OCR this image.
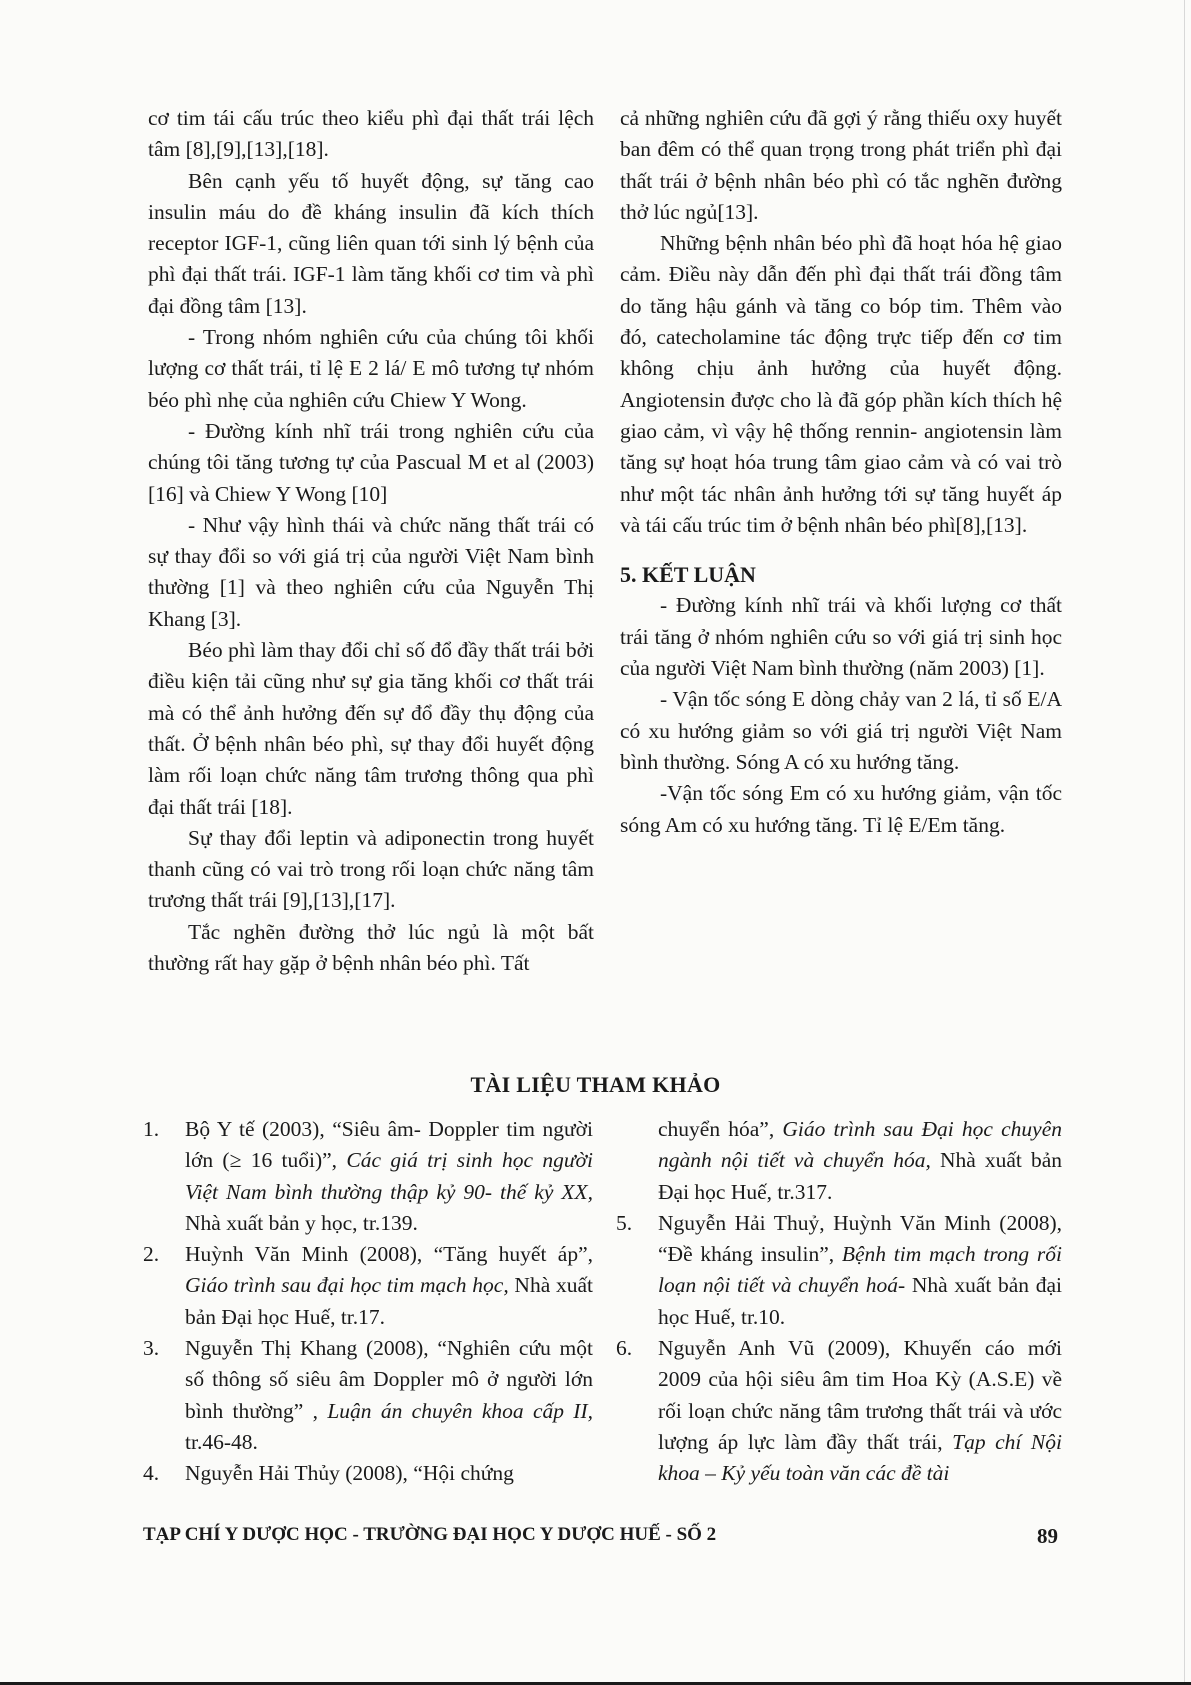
cơ tim tái cấu trúc theo kiểu phì đại thất trái lệch tâm [8],[9],[13],[18].

Bên cạnh yếu tố huyết động, sự tăng cao insulin máu do đề kháng insulin đã kích thích receptor IGF-1, cũng liên quan tới sinh lý bệnh của phì đại thất trái. IGF-1 làm tăng khối cơ tim và phì đại đồng tâm [13].

- Trong nhóm nghiên cứu của chúng tôi khối lượng cơ thất trái, tỉ lệ E 2 lá/ E mô tương tự nhóm béo phì nhẹ của nghiên cứu Chiew Y Wong.

- Đường kính nhĩ trái trong nghiên cứu của chúng tôi tăng tương tự của Pascual M et al (2003)[16] và Chiew Y Wong [10]

- Như vậy hình thái và chức năng thất trái có sự thay đổi so với giá trị của người Việt Nam bình thường [1] và theo nghiên cứu của Nguyễn Thị Khang [3].

Béo phì làm thay đổi chỉ số đổ đầy thất trái bởi điều kiện tải cũng như sự gia tăng khối cơ thất trái mà có thể ảnh hưởng đến sự đổ đầy thụ động của thất. Ở bệnh nhân béo phì, sự thay đổi huyết động làm rối loạn chức năng tâm trương thông qua phì đại thất trái [18].

Sự thay đổi leptin và adiponectin trong huyết thanh cũng có vai trò trong rối loạn chức năng tâm trương thất trái [9],[13],[17].

Tắc nghẽn đường thở lúc ngủ là một bất thường rất hay gặp ở bệnh nhân béo phì. Tất

cả những nghiên cứu đã gợi ý rằng thiếu oxy huyết ban đêm có thể quan trọng trong phát triển phì đại thất trái ở bệnh nhân béo phì có tắc nghẽn đường thở lúc ngủ[13].

Những bệnh nhân béo phì đã hoạt hóa hệ giao cảm. Điều này dẫn đến phì đại thất trái đồng tâm do tăng hậu gánh và tăng co bóp tim. Thêm vào đó, catecholamine tác động trực tiếp đến cơ tim không chịu ảnh hưởng của huyết động. Angiotensin được cho là đã góp phần kích thích hệ giao cảm, vì vậy hệ thống rennin- angiotensin làm tăng sự hoạt hóa trung tâm giao cảm và có vai trò như một tác nhân ảnh hưởng tới sự tăng huyết áp và tái cấu trúc tim ở bệnh nhân béo phì[8],[13].

5. KẾT LUẬN

- Đường kính nhĩ trái và khối lượng cơ thất trái tăng ở nhóm nghiên cứu so với giá trị sinh học của người Việt Nam bình thường (năm 2003) [1].

- Vận tốc sóng E dòng chảy van 2 lá, tỉ số E/A có xu hướng giảm so với giá trị người Việt Nam bình thường. Sóng A có xu hướng tăng.

-Vận tốc sóng Em có xu hướng giảm, vận tốc sóng Am có xu hướng tăng. Tỉ lệ E/Em tăng.

TÀI LIỆU THAM KHẢO
1. Bộ Y tế (2003), “Siêu âm- Doppler tim người lớn (≥ 16 tuổi)”, Các giá trị sinh học người Việt Nam bình thường thập kỷ 90- thế kỷ XX, Nhà xuất bản y học, tr.139.
2. Huỳnh Văn Minh (2008), “Tăng huyết áp”, Giáo trình sau đại học tim mạch học, Nhà xuất bản Đại học Huế, tr.17.
3. Nguyễn Thị Khang (2008), “Nghiên cứu một số thông số siêu âm Doppler mô ở người lớn bình thường” , Luận án chuyên khoa cấp II, tr.46-48.
4. Nguyễn Hải Thủy (2008), “Hội chứng
chuyển hóa”, Giáo trình sau Đại học chuyên ngành nội tiết và chuyển hóa, Nhà xuất bản Đại học Huế, tr.317.
5. Nguyễn Hải Thuỷ, Huỳnh Văn Minh (2008), “Đề kháng insulin”, Bệnh tim mạch trong rối loạn nội tiết và chuyển hoá- Nhà xuất bản đại học Huế, tr.10.
6. Nguyễn Anh Vũ (2009), Khuyến cáo mới 2009 của hội siêu âm tim Hoa Kỳ (A.S.E) về rối loạn chức năng tâm trương thất trái và ước lượng áp lực làm đầy thất trái, Tạp chí Nội khoa – Kỷ yếu toàn văn các đề tài
TẠP CHÍ Y DƯỢC HỌC - TRƯỜNG ĐẠI HỌC Y DƯỢC HUẾ - SỐ 2	89
